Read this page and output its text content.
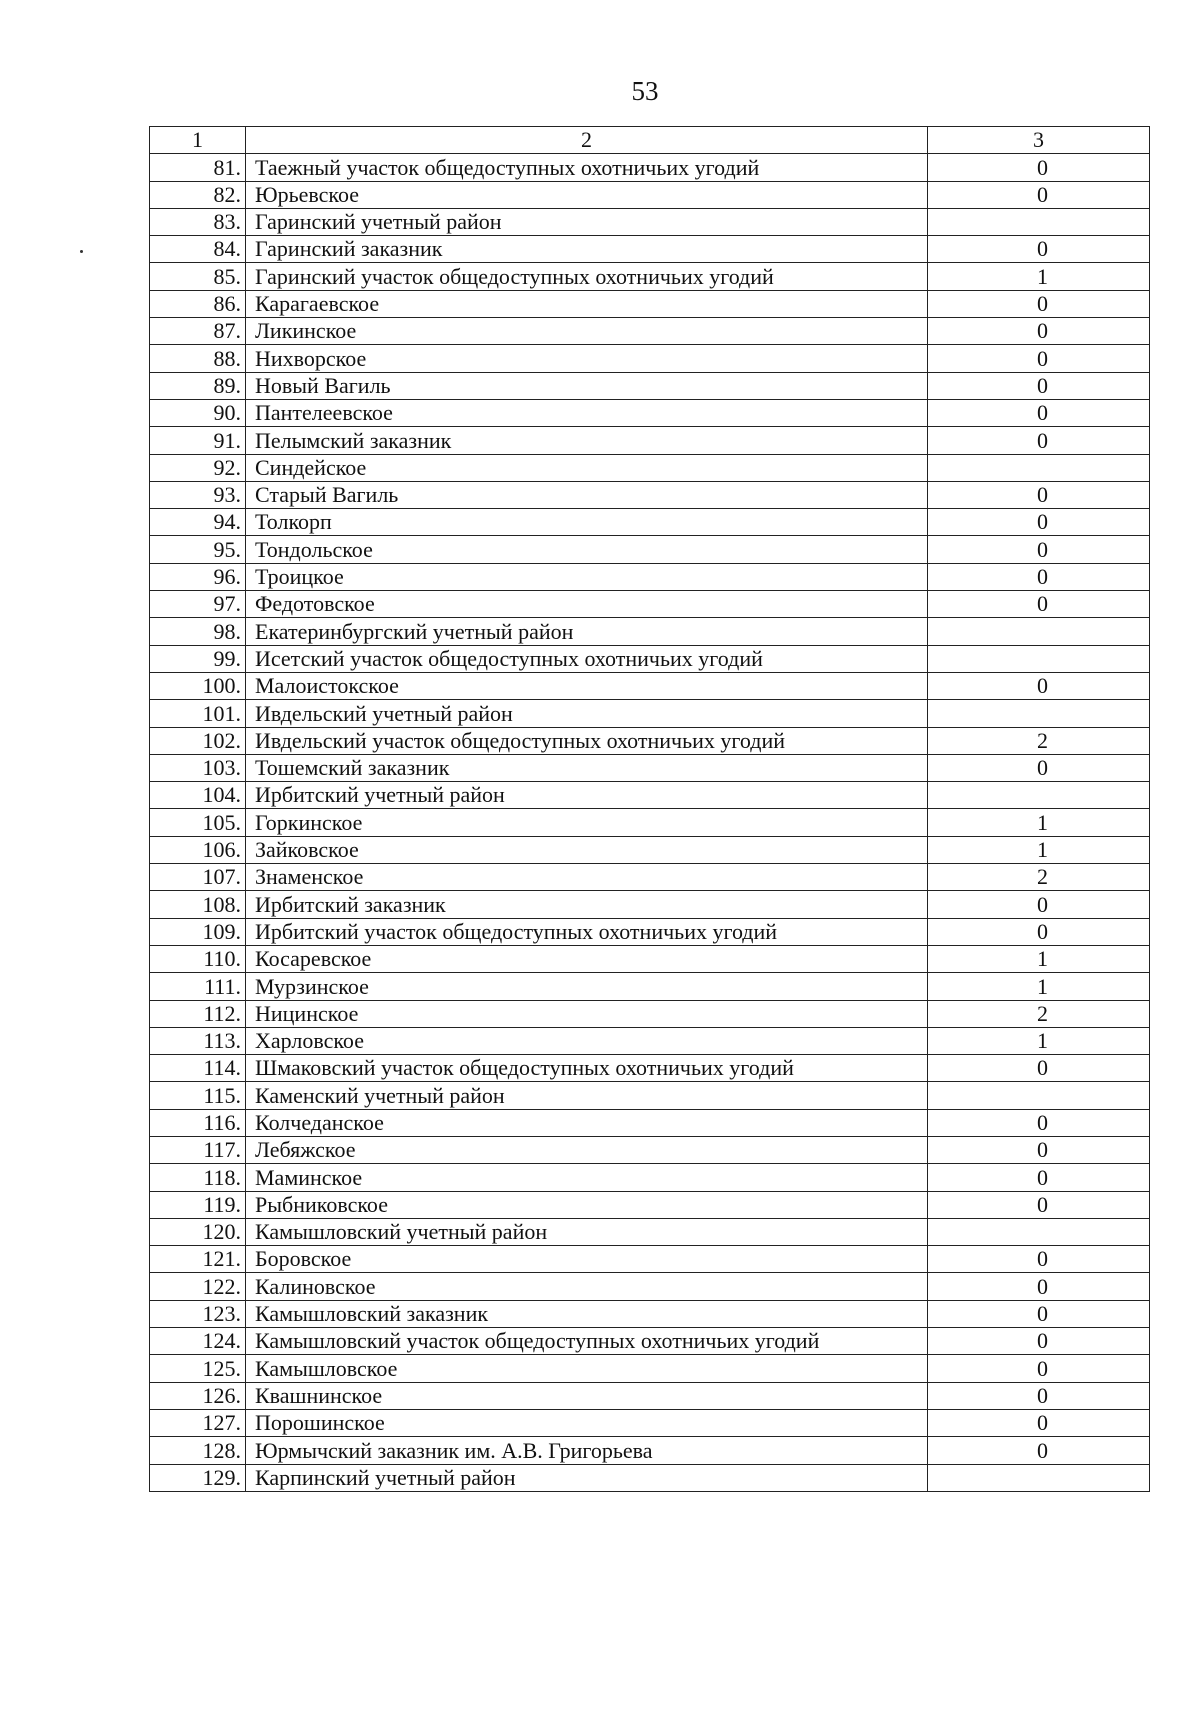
53
1	2	3
81.	Таежный участок общедоступных охотничьих угодий	0
82.	Юрьевское	0
83.	Гаринский учетный район	
84.	Гаринский заказник	0
85.	Гаринский участок общедоступных охотничьих угодий	1
86.	Карагаевское	0
87.	Ликинское	0
88.	Нихворское	0
89.	Новый Вагиль	0
90.	Пантелеевское	0
91.	Пелымский заказник	0
92.	Синдейское	
93.	Старый Вагиль	0
94.	Толкорп	0
95.	Тондольское	0
96.	Троицкое	0
97.	Федотовское	0
98.	Екатеринбургский учетный район	
99.	Исетский участок общедоступных охотничьих угодий	
100.	Малоистокское	0
101.	Ивдельский учетный район	
102.	Ивдельский участок общедоступных охотничьих угодий	2
103.	Тошемский заказник	0
104.	Ирбитский учетный район	
105.	Горкинское	1
106.	Зайковское	1
107.	Знаменское	2
108.	Ирбитский заказник	0
109.	Ирбитский участок общедоступных охотничьих угодий	0
110.	Косаревское	1
111.	Мурзинское	1
112.	Ницинское	2
113.	Харловское	1
114.	Шмаковский участок общедоступных охотничьих угодий	0
115.	Каменский учетный район	
116.	Колчеданское	0
117.	Лебяжское	0
118.	Маминское	0
119.	Рыбниковское	0
120.	Камышловский учетный район	
121.	Боровское	0
122.	Калиновское	0
123.	Камышловский заказник	0
124.	Камышловский участок общедоступных охотничьих угодий	0
125.	Камышловское	0
126.	Квашнинское	0
127.	Порошинское	0
128.	Юрмычский заказник им. А.В. Григорьева	0
129.	Карпинский учетный район	
